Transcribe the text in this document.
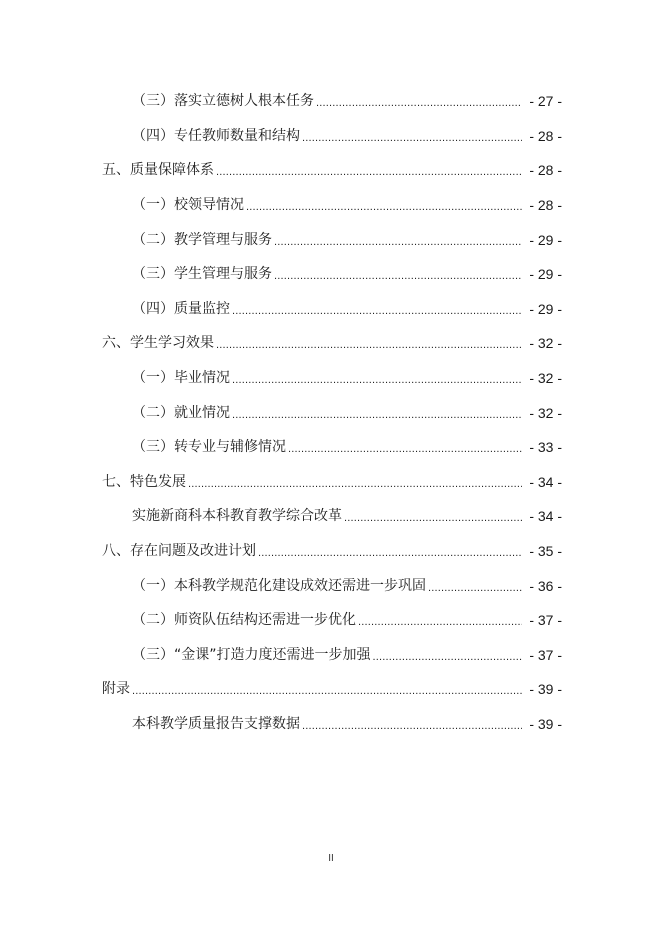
（三）落实立德树人根本任务 .....	- 27 -
（四）专任教师数量和结构 .....	- 28 -
五、质量保障体系 .....	- 28 -
（一）校领导情况 .....	- 28 -
（二）教学管理与服务 .....	- 29 -
（三）学生管理与服务 .....	- 29 -
（四）质量监控 .....	- 29 -
六、学生学习效果 .....	- 32 -
（一）毕业情况 .....	- 32 -
（二）就业情况 .....	- 32 -
（三）转专业与辅修情况 .....	- 33 -
七、特色发展 .....	- 34 -
实施新商科本科教育教学综合改革 .....	- 34 -
八、存在问题及改进计划 .....	- 35 -
（一）本科教学规范化建设成效还需进一步巩固 .....	- 36 -
（二）师资队伍结构还需进一步优化 .....	- 37 -
（三）“金课”打造力度还需进一步加强 .....	- 37 -
附录 .....	- 39 -
本科教学质量报告支撑数据 .....	- 39 -
II
